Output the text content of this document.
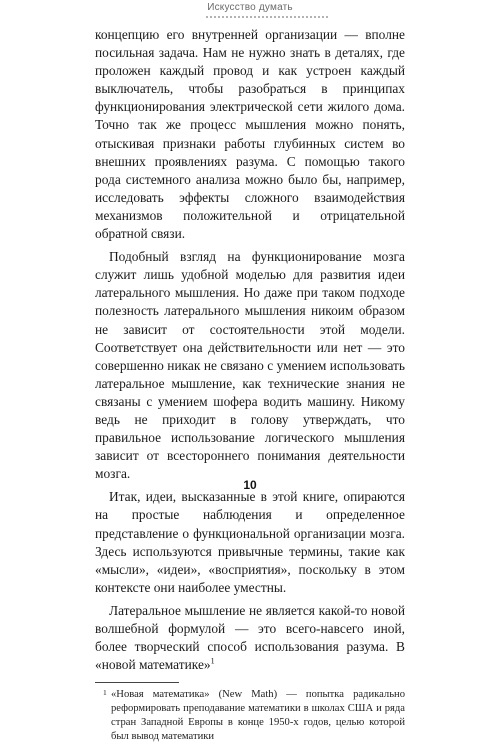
Искусство думать

концепцию его внутренней организации — вполне посильная задача. Нам не нужно знать в деталях, где проложен каждый провод и как устроен каждый выключатель, чтобы разобраться в принципах функционирования электрической сети жилого дома. Точно так же процесс мышления можно понять, отыскивая признаки работы глубинных систем во внешних проявлениях разума. С помощью такого рода системного анализа можно было бы, например, исследовать эффекты сложного взаимодействия механизмов положительной и отрицательной обратной связи.

Подобный взгляд на функционирование мозга служит лишь удобной моделью для развития идеи латерального мышления. Но даже при таком подходе полезность латерального мышления никоим образом не зависит от состоятельности этой модели. Соответствует она действительности или нет — это совершенно никак не связано с умением использовать латеральное мышление, как технические знания не связаны с умением шофера водить машину. Никому ведь не приходит в голову утверждать, что правильное использование логического мышления зависит от всестороннего понимания деятельности мозга.

Итак, идеи, высказанные в этой книге, опираются на простые наблюдения и определенное представление о функциональной организации мозга. Здесь используются привычные термины, такие как «мысли», «идеи», «восприятия», поскольку в этом контексте они наиболее уместны.

Латеральное мышление не является какой-то новой волшебной формулой — это всего-навсего иной, более творческий способ использования разума. В «новой математике»$^1$

1 «Новая математика» (New Math) — попытка радикально реформировать преподавание математики в школах США и ряда стран Западной Европы в конце 1950-х годов, целью которой был вывод математики

10
